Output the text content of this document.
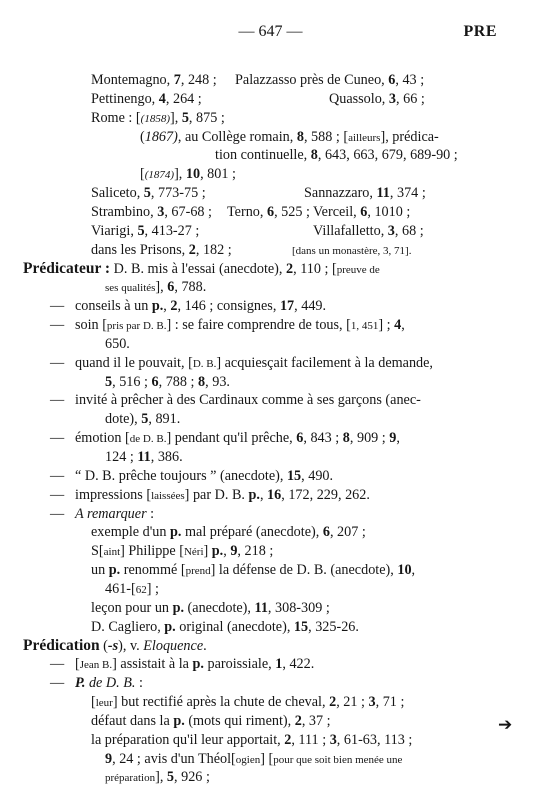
— 647 —	PRE
Montemagno, 7, 248 ; Palazzasso près de Cuneo, 6, 43 ;
Pettinengo, 4, 264 ;	Quassolo, 3, 66 ;
Rome : [(1858)], 5, 875 ;
(1867), au Collège romain, 8, 588 ; [ailleurs], prédica-
tion continuelle, 8, 643, 663, 679, 689-90 ;
[(1874)], 10, 801 ;
Saliceto, 5, 773-75 ;	Sannazzaro, 11, 374 ;
Strambino, 3, 67-68 ; Terno, 6, 525 ; Verceil, 6, 1010 ;
Viarigi, 5, 413-27 ;	Villafalletto, 3, 68 ;
dans les Prisons, 2, 182 ;	[dans un monastère, 3, 71].
Prédicateur : D. B. mis à l'essai (anecdote), 2, 110 ; [preuve de
ses qualités], 6, 788.
— conseils à un p., 2, 146 ; consignes, 17, 449.
— soin [pris par D. B.] : se faire comprendre de tous, [1, 451] ; 4,
650.
— quand il le pouvait, [D. B.] acquiesçait facilement à la demande,
5, 516 ; 6, 788 ; 8, 93.
— invité à prêcher à des Cardinaux comme à ses garçons (anec-
dote), 5, 891.
— émotion [de D. B.] pendant qu'il prêche, 6, 843 ; 8, 909 ; 9,
124 ; 11, 386.
— “ D. B. prêche toujours ” (anecdote), 15, 490.
— impressions [laissées] par D. B. p., 16, 172, 229, 262.
— A remarquer :
exemple d'un p. mal préparé (anecdote), 6, 207 ;
S[aint] Philippe [Néri] p., 9, 218 ;
un p. renommé [prend] la défense de D. B. (anecdote), 10,
461-[62] ;
leçon pour un p. (anecdote), 11, 308-309 ;
D. Cagliero, p. original (anecdote), 15, 325-26.
Prédication (-s), v. Eloquence.
— [Jean B.] assistait à la p. paroissiale, 1, 422.
— P. de D. B. :
[leur] but rectifié après la chute de cheval, 2, 21 ; 3, 71 ;
défaut dans la p. (mots qui riment), 2, 37 ;
la préparation qu'il leur apportait, 2, 111 ; 3, 61-63, 113 ;
9, 24 ; avis d'un Théol[ogien] [pour que soit bien menée une
préparation], 5, 926 ;
➔
